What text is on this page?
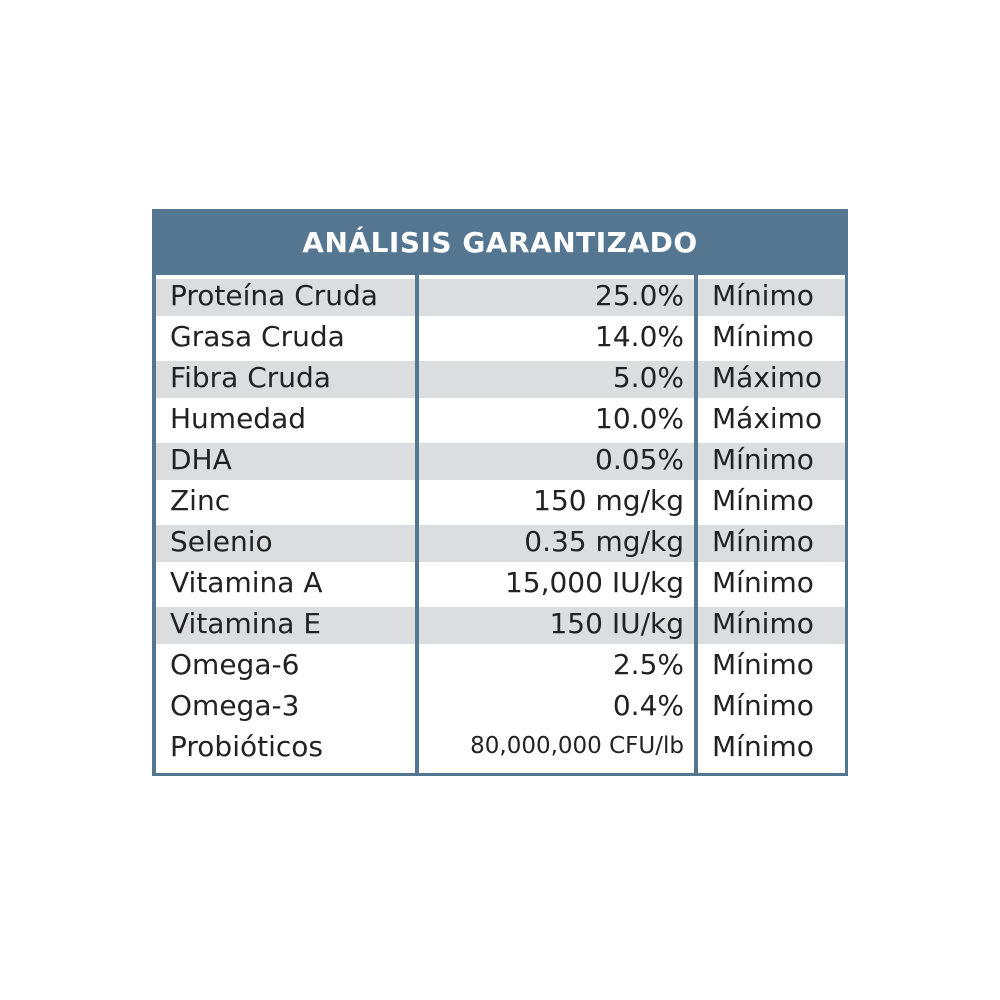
ANÁLISIS GARANTIZADO
Proteína Cruda
Grasa Cruda
Fibra Cruda
Humedad
DHA
Zinc
Selenio
Vitamina A
Vitamina E
Omega-6
Omega-3
Probióticos
25.0%
14.0%
5.0%
10.0%
0.05%
150 mg/kg
0.35 mg/kg
15,000 IU/kg
150 IU/kg
2.5%
0.4%
80,000,000 CFU/lb
Mínimo
Mínimo
Máximo
Máximo
Mínimo
Mínimo
Mínimo
Mínimo
Mínimo
Mínimo
Mínimo
Mínimo
